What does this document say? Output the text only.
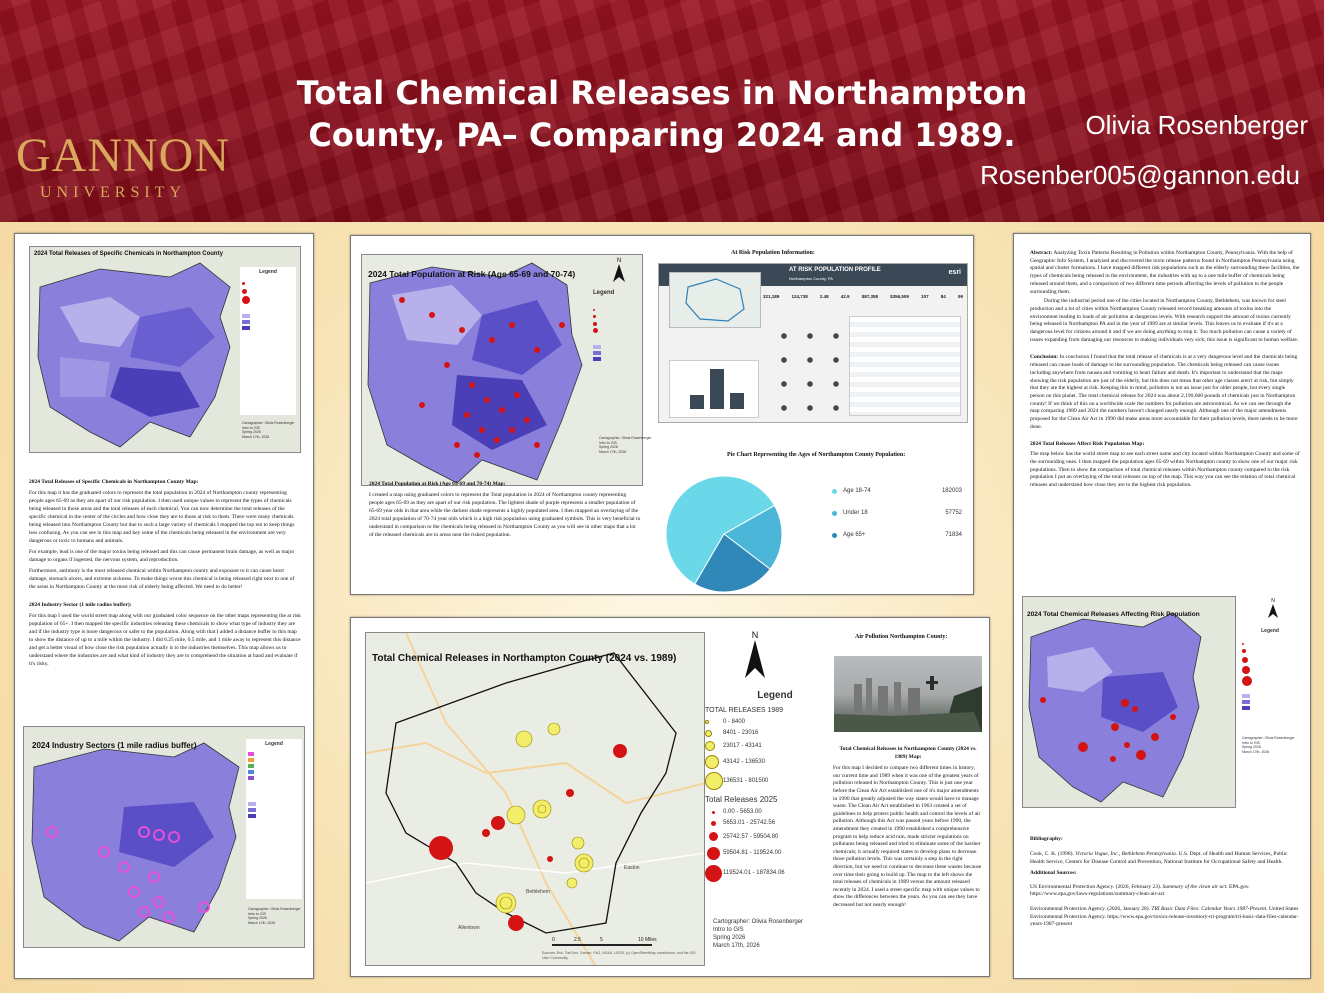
GANNON
UNIVERSITY
Total Chemical Releases in Northampton County, PA– Comparing 2024 and 1989.	Olivia Rosenberger
Rosenber005@gannon.edu
2024 Total Releases of Specific Chemicals in Northampton County
Legend
Cartographer: Olivia Rosenberger
Intro to GIS
Spring 2026
March 17th, 2026
2024 Total Releases of Specific Chemicals in Northampton County Map:

For this map it has the graduated colors to represent the total population in 2024 of Northampton county representing people ages 65-69 as they are apart of our risk population. I then used unique values to represent the types of chemicals being released in those areas and the total releases of each chemical. You can now determine the total releases of the specific chemical in the center of the circles and how close they are to those at risk to them. There were many chemicals being released into Northampton County but due to such a large variety of chemicals I mapped the top ten to keep things less confusing. As you can see in this map and key some of the chemicals being released in the environment are very dangerous or toxic to humans and animals.

For example, lead is one of the major toxins being released and this can cause permanent brain damage, as well as major damage to organs if ingested, the nervous system, and reproduction.

Furthermore, antimony is the most released chemical within Northampton county and exposure to it can cause heart damage, stomach ulcers, and extreme sickness. To make things worse this chemical is being released right next to one of the areas in Northampton County at the most risk of elderly being affected. We need to do better!

2024 Industry Sector (1 mile radius buffer):

For this map I used the world street map along with our graduated color sequence on the other maps representing the at risk population of 65+. I then mapped the specific industries releasing these chemicals to show what type of industry they are and if the industry type is more dangerous or safer to the population. Along with that I added a distance buffer to this map to show the distance of up to a mile within the industry. I did 0.25 mile, 0.5 mile, and 1 mile away to represent this distance and get a better visual of how close the risk population actually is to the industries themselves. This map allows us to understand where the industries are and what kind of industry they are to comprehend the situation at hand and evaluate if it's risky.

2024 Industry Sectors (1 mile radius buffer)	Legend
Cartographer: Olivia Rosenberger
Intro to GIS
Spring 2026
March 17th, 2026
2024 Total Population at Risk (Age 65-69 and 70-74)
N
Legend
Cartographer: Olivia Rosenberger
Intro to GIS
Spring 2026
March 17th, 2026
At Risk Population Information:
2024 Total Population at Risk (Age 65-69 and 70-74) Map:

I created a map using graduated colors to represent the Total population in 2024 of Northampton county representing people ages 65-69 as they are apart of our risk population. The lightest shade of purple represents a smaller population of 65-69 year olds in that area while the darkest shade represents a highly populated area. I then mapped an overlaying of the 2024 total population of 70-74 year olds which is a high risk population using graduated symbols. This is very beneficial to understand in comparison to the chemicals being released in Northampton County as you will see in other maps that a lot of the released chemicals are in areas near the risked population.

Pie Chart Representing the Ages of Northampton County Population:
AT RISK POPULATION PROFILE
Northampton County, PA
esri
321,189	124,738	2.48	42.9	$87,358	$356,509	107	84	99
Age 18-74	182003
Under 18	57752
Age 65+	71834
Total Chemical Releases in Northampton County (2024 vs. 1989)
Allentown
Easton
Bethlehem
0	2.5	5	10 Miles
Sources: Esri, TomTom, Garmin, FAO, NOAA, USGS, (c) OpenStreetMap contributors, and the GIS User Community
N
Legend
TOTAL RELEASES 1989
0 - 8400
8401 - 23016
23017 - 43141
43142 - 136530
136531 - 801500
Total Releases 2025
0.00 - 5653.00
5653.01 - 25742.56
25742.57 - 59504.80
59504.81 - 119524.00
119524.01 - 187834.06
Cartographer: Olivia Rosenberger
Intro to GIS
Spring 2026
March 17th, 2026
Air Pollution Northampton County:
Total Chemical Releases in Northampton County (2024 vs. 1989) Map:

For this map I decided to compare two different times in history, our current time and 1989 when it was one of the greatest years of pollution released in Northampton County. This is just one year before the Clean Air Act established one of it's major amendments in 1990 that greatly adjusted the way states would have to manage waste. The Clean Air Act established in 1963 created a set of guidelines to help protect public health and control the levels of air pollution. Although this Act was passed years before 1990, the amendment they created in 1990 established a comprehensive program to help reduce acid rain, made stricter regulations on pollutants being released and tried to eliminate some of the harsher chemicals; it actually required states to develop plans to decrease those pollution levels. This was certainly a step in the right direction, but we need to continue to decrease these wastes because over time their going to build up. The map to the left shows the total releases of chemicals in 1989 versus the amount released recently in 2024. I used a street specific map with unique values to show the differences between the years. As you can see they have decreased but not nearly enough!

Abstract: Analyzing Toxin Patterns Resulting in Pollution within Northampton County, Pennsylvania. With the help of Geographic Info System, I analyzed and discovered the toxin release patterns found in Northampton Pennsylvania using spatial and cluster formations. I have mapped different risk populations such as the elderly surrounding these facilities, the types of chemicals being released in the environment, the industries with up to a one mile buffer of chemicals being released around them, and a comparison of two different time periods affecting the levels of pollution to the people surrounding them.

During the industrial period one of the cities located in Northampton County, Bethlehem, was known for steel production and a lot of cities within Northampton County released record breaking amounts of toxins into the environment leading to loads of air pollution at dangerous levels. With research support the amount of toxins currently being released in Northampton PA and in the year of 1989 are at similar levels. This leaves us to evaluate if it's at a dangerous level for citizens around it and if we are doing anything to stop it. Too much pollution can cause a variety of issues expanding from damaging our resources to making individuals very sick; this issue is significant to human welfare.

Conclusion: In conclusion I found that the total release of chemicals is at a very dangerous level and the chemicals being released can cause loads of damage to the surrounding population. The chemicals being released can cause issues including anywhere from nausea and vomiting to heart failure and death. It's important to understand that the maps showing the risk population are just of the elderly, but this does not mean that other age classes aren't at risk, but simply that they are the highest at risk. Keeping this in mind, pollution is not an issue just for older people, but every single person on this planet. The total chemical release for 2024 was about 2,190,660 pounds of chemicals just in Northampton county! If we think of this on a worldwide scale the numbers for pollution are astronomical. As we can see through the map comparing 1989 and 2024 the numbers haven't changed nearly enough. Although one of the major amendments proposed for the Clean Air Act in 1990 did make areas more accountable for their pollution levels, there needs to be more done.

2024 Total Releases Affect Risk Population Map:

The map below has the world street map to see each street name and city located within Northampton County and some of the surrounding ones. I then mapped the population ages 65-69 within Northampton county to show one of our major risk populations. Then to show the comparison of total chemical releases within Northampton county compared to the risk population I put an overlaying of the total releases on top of the map. This way you can see the relation of total chemical releases and understand how close they are to the highest risk population.

2024 Total Chemical Releases Affecting Risk Population
N
Legend
Cartographer: Olivia Rosenberger
Intro to GIS
Spring 2026
March 17th, 2026
Bibliography:

Cook, C. K. (1998). Victoria Vogue, Inc., Bethlehem Pennsylvania. U.S. Dept. of Health and Human Services, Public Health Service, Centers for Disease Control and Prevention, National Institute for Occupational Safety and Health.

Additional Sources:

US Environmental Protection Agency. (2026, February 23). Summary of the clean air act. EPA.gov. https://www.epa.gov/laws-regulations/summary-clean-air-act

Environmental Protection Agency. (2026, January 28). TRI Basic Data Files: Calendar Years 1987-Present. United States Environmental Protection Agency. https://www.epa.gov/toxics-release-inventory-tri-program/tri-basic-data-files-calendar-years-1987-present
